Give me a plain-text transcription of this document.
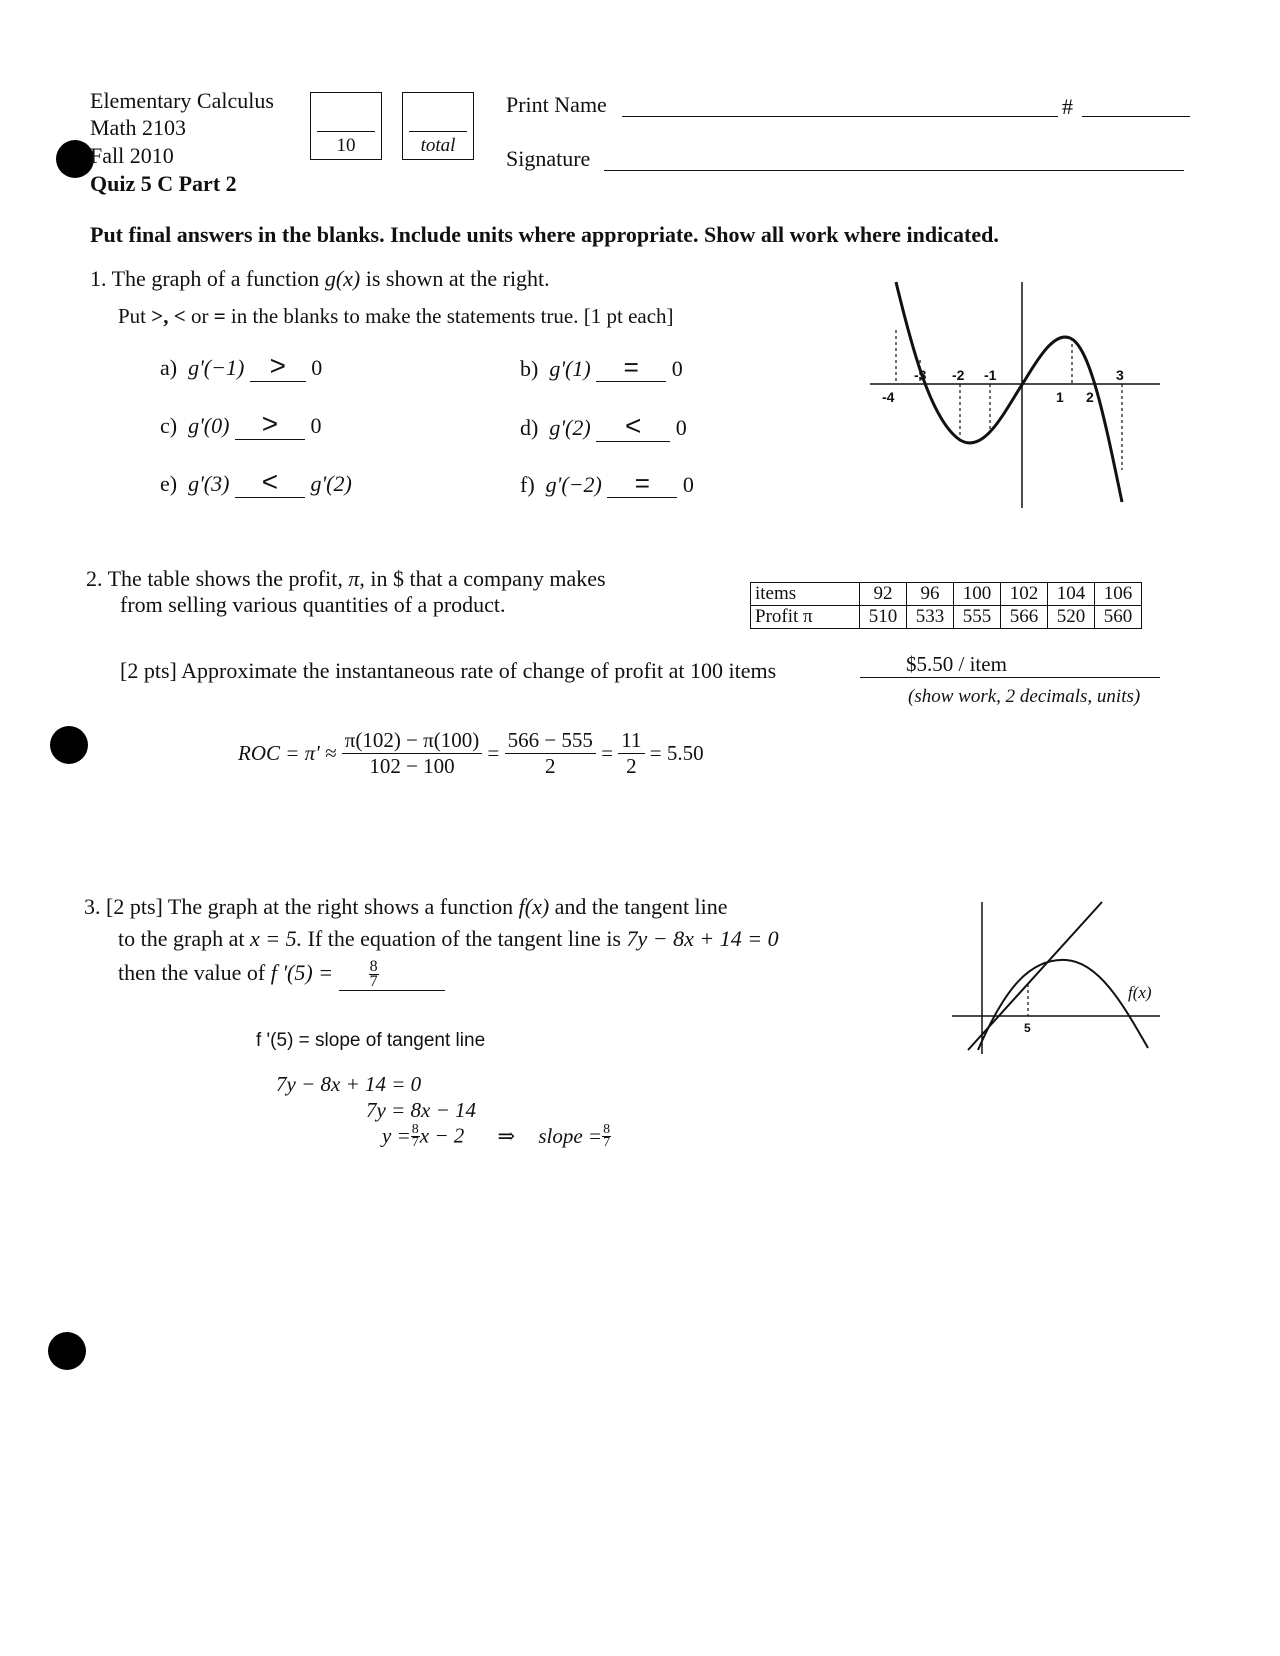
Elementary Calculus
Math 2103
Fall 2010
Quiz 5 C Part 2
10	total
Print Name	#
Signature
Put final answers in the blanks. Include units where appropriate. Show all work where indicated.
1. The graph of a function g(x) is shown at the right.
Put >, < or = in the blanks to make the statements true. [1 pt each]
a) g'(−1) > 0	b) g'(1) = 0
c) g'(0) > 0	d) g'(2) < 0
e) g'(3) < g'(2)	f) g'(−2) = 0
-4
-3 -2 -1
1 2
3
2. The table shows the profit, π, in $ that a company makes
from selling various quantities of a product.	items	92	96	100	102	104	106
Profit π	510	533	555	566	520	560
[2 pts] Approximate the instantaneous rate of change of profit at 100 items	$5.50 / item
(show work, 2 decimals, units)
ROC = $\pi' \approx \frac{\pi(102) - \pi(100)}{102 - 100} = \frac{566 - 555}{2} = \frac{11}{2} = 5.50$
3. [2 pts] The graph at the right shows a function f(x) and the tangent line
to the graph at x = 5. If the equation of the tangent line is 7y − 8x + 14 = 0
then the value of f '$(5) = \frac{8}{7}$
f '(5) = slope of tangent line
7y − 8x + 14 = 0
7y = 8x − 14
$y = \frac{8}{7}$ x − 2 ⇒ slope = $\frac{8}{7}$
5
f(x)
